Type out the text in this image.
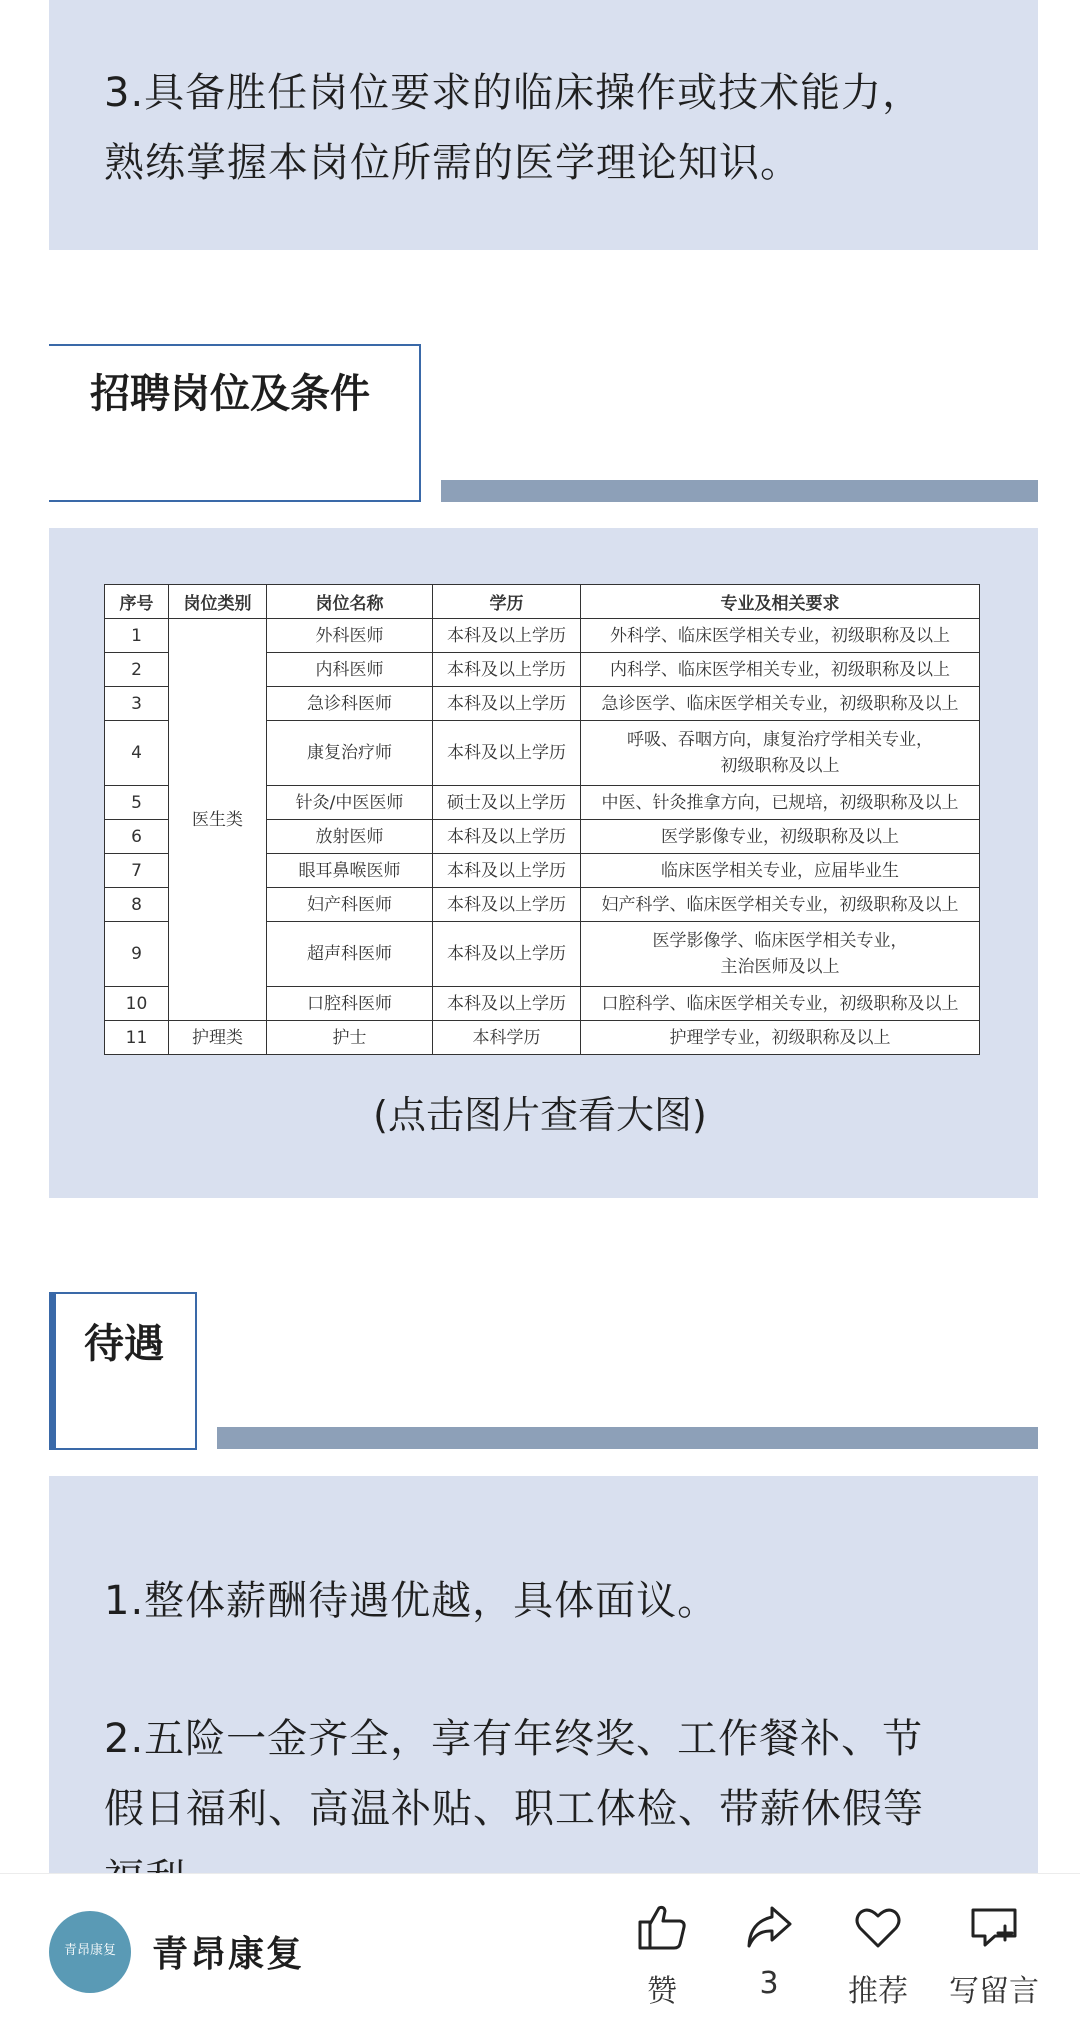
3.具备胜任岗位要求的临床操作或技术能力，
熟练掌握本岗位所需的医学理论知识。
招聘岗位及条件
序号	岗位类别	岗位名称	学历	专业及相关要求
1	医生类	外科医师	本科及以上学历	外科学、临床医学相关专业，初级职称及以上

2		内科医师	本科及以上学历	内科学、临床医学相关专业，初级职称及以上

3		急诊科医师	本科及以上学历	急诊医学、临床医学相关专业，初级职称及以上

4		康复治疗师	本科及以上学历	呼吸、吞咽方向，康复治疗学相关专业，
初级职称及以上

5		针灸/中医医师	硕士及以上学历	中医、针灸推拿方向，已规培，初级职称及以上

6		放射医师	本科及以上学历	医学影像专业，初级职称及以上

7		眼耳鼻喉医师	本科及以上学历	临床医学相关专业，应届毕业生

8		妇产科医师	本科及以上学历	妇产科学、临床医学相关专业，初级职称及以上

9		超声科医师	本科及以上学历	医学影像学、临床医学相关专业，
主治医师及以上

10		口腔科医师	本科及以上学历	口腔科学、临床医学相关专业，初级职称及以上

11	护理类	护士	本科学历	护理学专业，初级职称及以上
(点击图片查看大图)
待遇
1.整体薪酬待遇优越，具体面议。
2.五险一金齐全，享有年终奖、工作餐补、节
假日福利、高温补贴、职工体检、带薪休假等
青昂康复	青昂康复
赞	3	推荐	写留言
